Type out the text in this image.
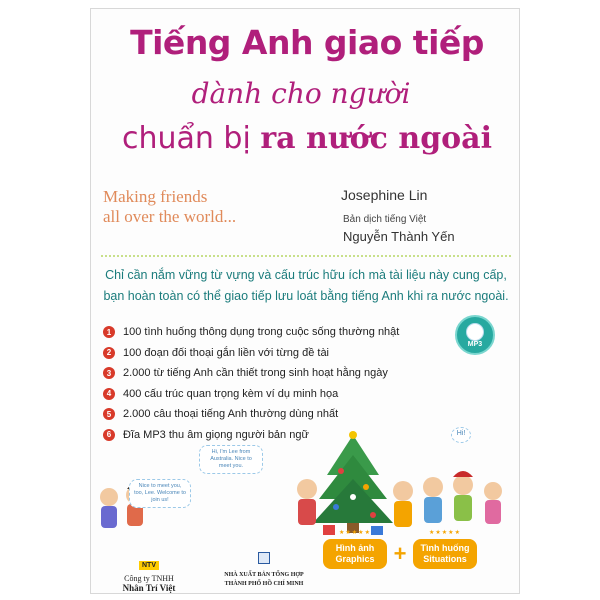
Tiếng Anh giao tiếp
dành cho người
chuẩn bị ra nước ngoài
Making friends
all over the world...
Josephine Lin
Bản dịch tiếng Việt
Nguyễn Thành Yến
Chỉ cần nắm vững từ vựng và cấu trúc hữu ích mà tài liệu này cung cấp,
bạn hoàn toàn có thể giao tiếp lưu loát bằng tiếng Anh khi ra nước ngoài.
1	100 tình huống thông dụng trong cuộc sống thường nhật
2	100 đoạn đối thoại gắn liền với từng đề tài
3	2.000 từ tiếng Anh cần thiết trong sinh hoạt hằng ngày
4	400 cấu trúc quan trọng kèm ví dụ minh họa
5	2.000 câu thoại tiếng Anh thường dùng nhất
6	Đĩa MP3 thu âm giọng người bản ngữ
MP3
Hi, I'm Lee from Australia. Nice to meet you.
Nice to meet you, too, Lee. Welcome to join us!
Hi!
★★★★★
Hình ảnh
Graphics +
★★★★★
Tình huống
Situations
NTV
Công ty TNHH
Nhân Trí Việt
NHÀ XUẤT BẢN TỔNG HỢP
THÀNH PHỐ HỒ CHÍ MINH
